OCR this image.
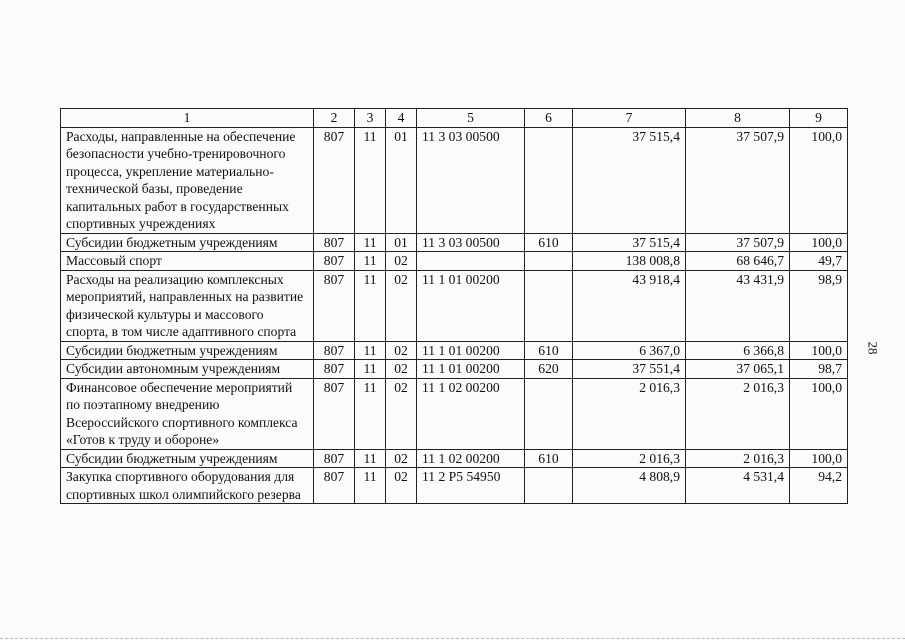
1	2	3	4	5	6	7	8	9
Расходы, направленные на обеспечение безопасности учебно-тренировочного процесса, укрепление материально-технической базы, проведение капитальных работ в государственных спортивных учреждениях	807	11	01	11 3 03 00500		37 515,4	37 507,9	100,0
Субсидии бюджетным учреждениям	807	11	01	11 3 03 00500	610	37 515,4	37 507,9	100,0
Массовый спорт	807	11	02			138 008,8	68 646,7	49,7
Расходы на реализацию комплексных мероприятий, направленных на развитие физической культуры и массового спорта, в том числе адаптивного спорта	807	11	02	11 1 01 00200		43 918,4	43 431,9	98,9
Субсидии бюджетным учреждениям	807	11	02	11 1 01 00200	610	6 367,0	6 366,8	100,0
Субсидии автономным учреждениям	807	11	02	11 1 01 00200	620	37 551,4	37 065,1	98,7
Финансовое обеспечение мероприятий по поэтапному внедрению Всероссийского спортивного комплекса «Готов к труду и обороне»	807	11	02	11 1 02 00200		2 016,3	2 016,3	100,0
Субсидии бюджетным учреждениям	807	11	02	11 1 02 00200	610	2 016,3	2 016,3	100,0
Закупка спортивного оборудования для спортивных школ олимпийского резерва	807	11	02	11 2 P5 54950		4 808,9	4 531,4	94,2
28
